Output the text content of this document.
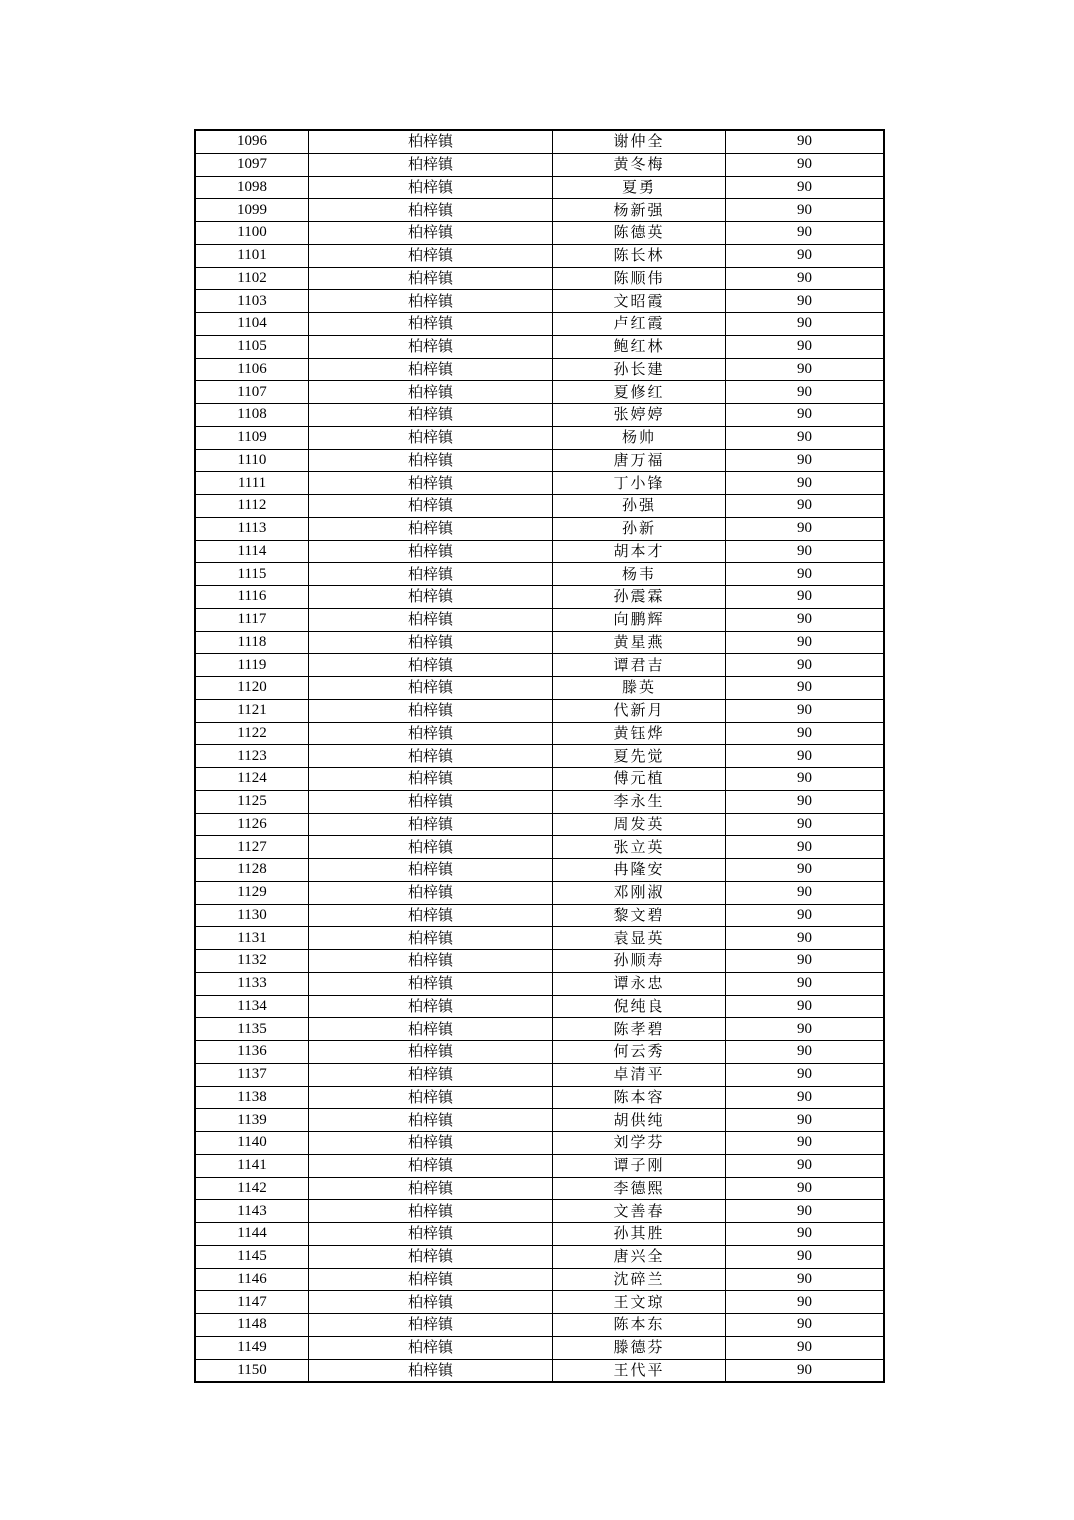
1096	柏梓镇	谢仲全	90
1097	柏梓镇	黄冬梅	90
1098	柏梓镇	夏勇	90
1099	柏梓镇	杨新强	90
1100	柏梓镇	陈德英	90
1101	柏梓镇	陈长林	90
1102	柏梓镇	陈顺伟	90
1103	柏梓镇	文昭霞	90
1104	柏梓镇	卢红霞	90
1105	柏梓镇	鲍红林	90
1106	柏梓镇	孙长建	90
1107	柏梓镇	夏修红	90
1108	柏梓镇	张婷婷	90
1109	柏梓镇	杨帅	90
1110	柏梓镇	唐万福	90
1111	柏梓镇	丁小锋	90
1112	柏梓镇	孙强	90
1113	柏梓镇	孙新	90
1114	柏梓镇	胡本才	90
1115	柏梓镇	杨韦	90
1116	柏梓镇	孙震霖	90
1117	柏梓镇	向鹏辉	90
1118	柏梓镇	黄星燕	90
1119	柏梓镇	谭君吉	90
1120	柏梓镇	滕英	90
1121	柏梓镇	代新月	90
1122	柏梓镇	黄钰烨	90
1123	柏梓镇	夏先觉	90
1124	柏梓镇	傅元植	90
1125	柏梓镇	李永生	90
1126	柏梓镇	周发英	90
1127	柏梓镇	张立英	90
1128	柏梓镇	冉隆安	90
1129	柏梓镇	邓刚淑	90
1130	柏梓镇	黎文碧	90
1131	柏梓镇	袁显英	90
1132	柏梓镇	孙顺寿	90
1133	柏梓镇	谭永忠	90
1134	柏梓镇	倪纯良	90
1135	柏梓镇	陈孝碧	90
1136	柏梓镇	何云秀	90
1137	柏梓镇	卓清平	90
1138	柏梓镇	陈本容	90
1139	柏梓镇	胡供纯	90
1140	柏梓镇	刘学芬	90
1141	柏梓镇	谭子刚	90
1142	柏梓镇	李德熙	90
1143	柏梓镇	文善春	90
1144	柏梓镇	孙其胜	90
1145	柏梓镇	唐兴全	90
1146	柏梓镇	沈碎兰	90
1147	柏梓镇	王文琼	90
1148	柏梓镇	陈本东	90
1149	柏梓镇	滕德芬	90
1150	柏梓镇	王代平	90
